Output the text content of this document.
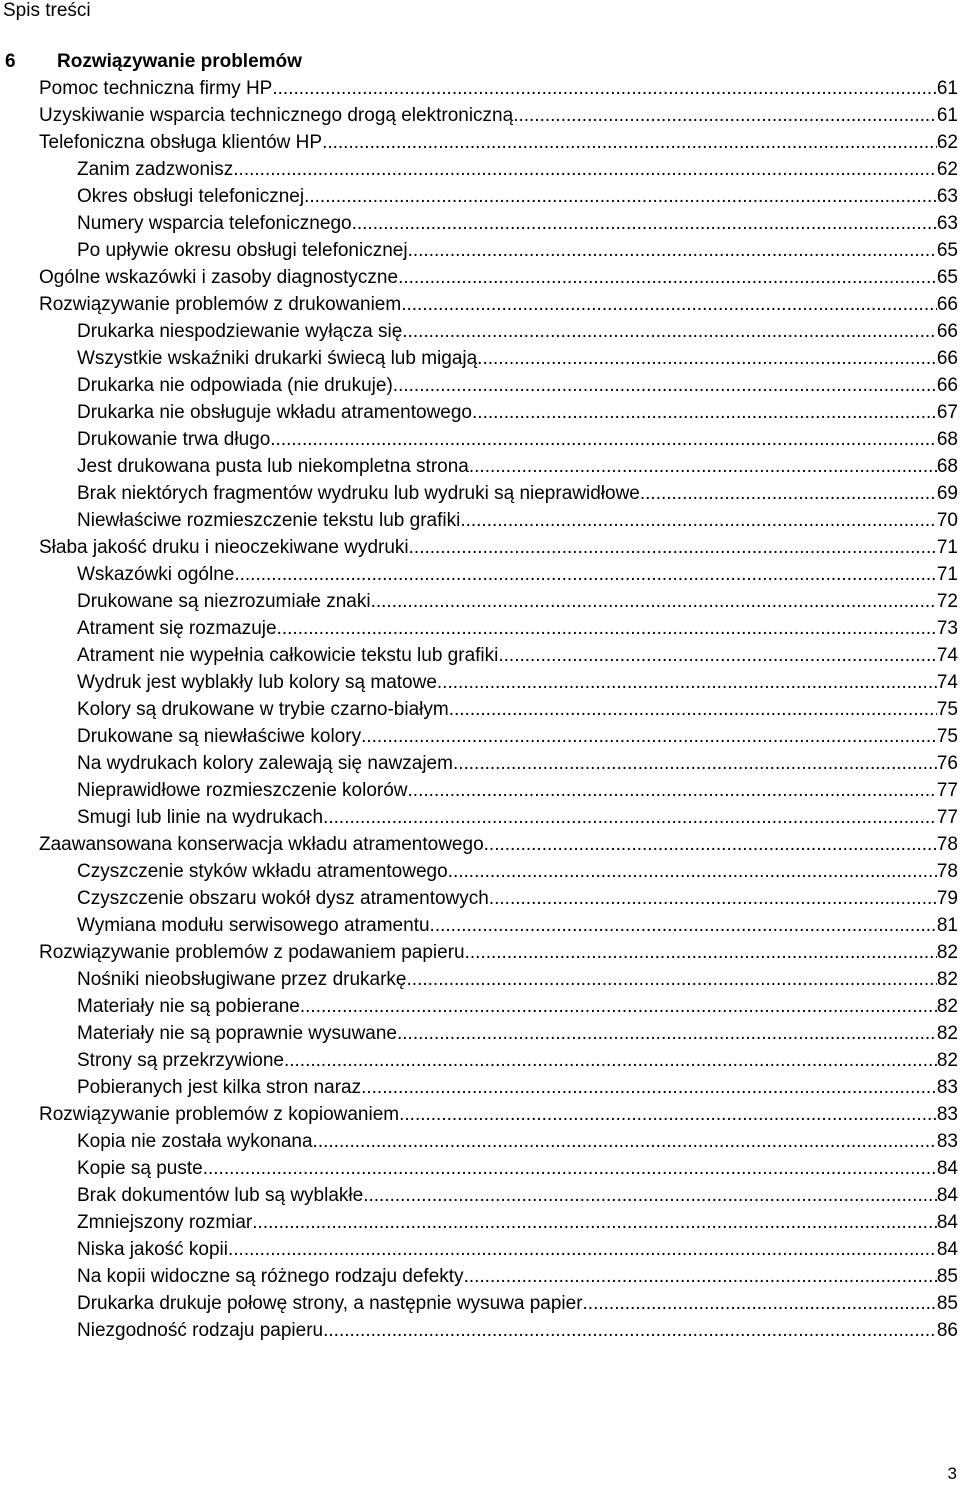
Spis treści
6 Rozwiązywanie problemów
Pomoc techniczna firmy HP .....	61
Uzyskiwanie wsparcia technicznego drogą elektroniczną .....	61
Telefoniczna obsługa klientów HP .....	62
Zanim zadzwonisz .....	62
Okres obsługi telefonicznej .....	63
Numery wsparcia telefonicznego .....	63
Po upływie okresu obsługi telefonicznej .....	65
Ogólne wskazówki i zasoby diagnostyczne .....	65
Rozwiązywanie problemów z drukowaniem .....	66
Drukarka niespodziewanie wyłącza się .....	66
Wszystkie wskaźniki drukarki świecą lub migają .....	66
Drukarka nie odpowiada (nie drukuje) .....	66
Drukarka nie obsługuje wkładu atramentowego .....	67
Drukowanie trwa długo .....	68
Jest drukowana pusta lub niekompletna strona .....	68
Brak niektórych fragmentów wydruku lub wydruki są nieprawidłowe .....	69
Niewłaściwe rozmieszczenie tekstu lub grafiki .....	70
Słaba jakość druku i nieoczekiwane wydruki .....	71
Wskazówki ogólne .....	71
Drukowane są niezrozumiałe znaki .....	72
Atrament się rozmazuje .....	73
Atrament nie wypełnia całkowicie tekstu lub grafiki .....	74
Wydruk jest wyblakły lub kolory są matowe .....	74
Kolory są drukowane w trybie czarno-białym .....	75
Drukowane są niewłaściwe kolory .....	75
Na wydrukach kolory zalewają się nawzajem .....	76
Nieprawidłowe rozmieszczenie kolorów .....	77
Smugi lub linie na wydrukach .....	77
Zaawansowana konserwacja wkładu atramentowego .....	78
Czyszczenie styków wkładu atramentowego .....	78
Czyszczenie obszaru wokół dysz atramentowych .....	79
Wymiana modułu serwisowego atramentu .....	81
Rozwiązywanie problemów z podawaniem papieru .....	82
Nośniki nieobsługiwane przez drukarkę .....	82
Materiały nie są pobierane .....	82
Materiały nie są poprawnie wysuwane .....	82
Strony są przekrzywione .....	82
Pobieranych jest kilka stron naraz .....	83
Rozwiązywanie problemów z kopiowaniem .....	83
Kopia nie została wykonana .....	83
Kopie są puste .....	84
Brak dokumentów lub są wyblakłe .....	84
Zmniejszony rozmiar .....	84
Niska jakość kopii .....	84
Na kopii widoczne są różnego rodzaju defekty .....	85
Drukarka drukuje połowę strony, a następnie wysuwa papier .....	85
Niezgodność rodzaju papieru .....	86
3
